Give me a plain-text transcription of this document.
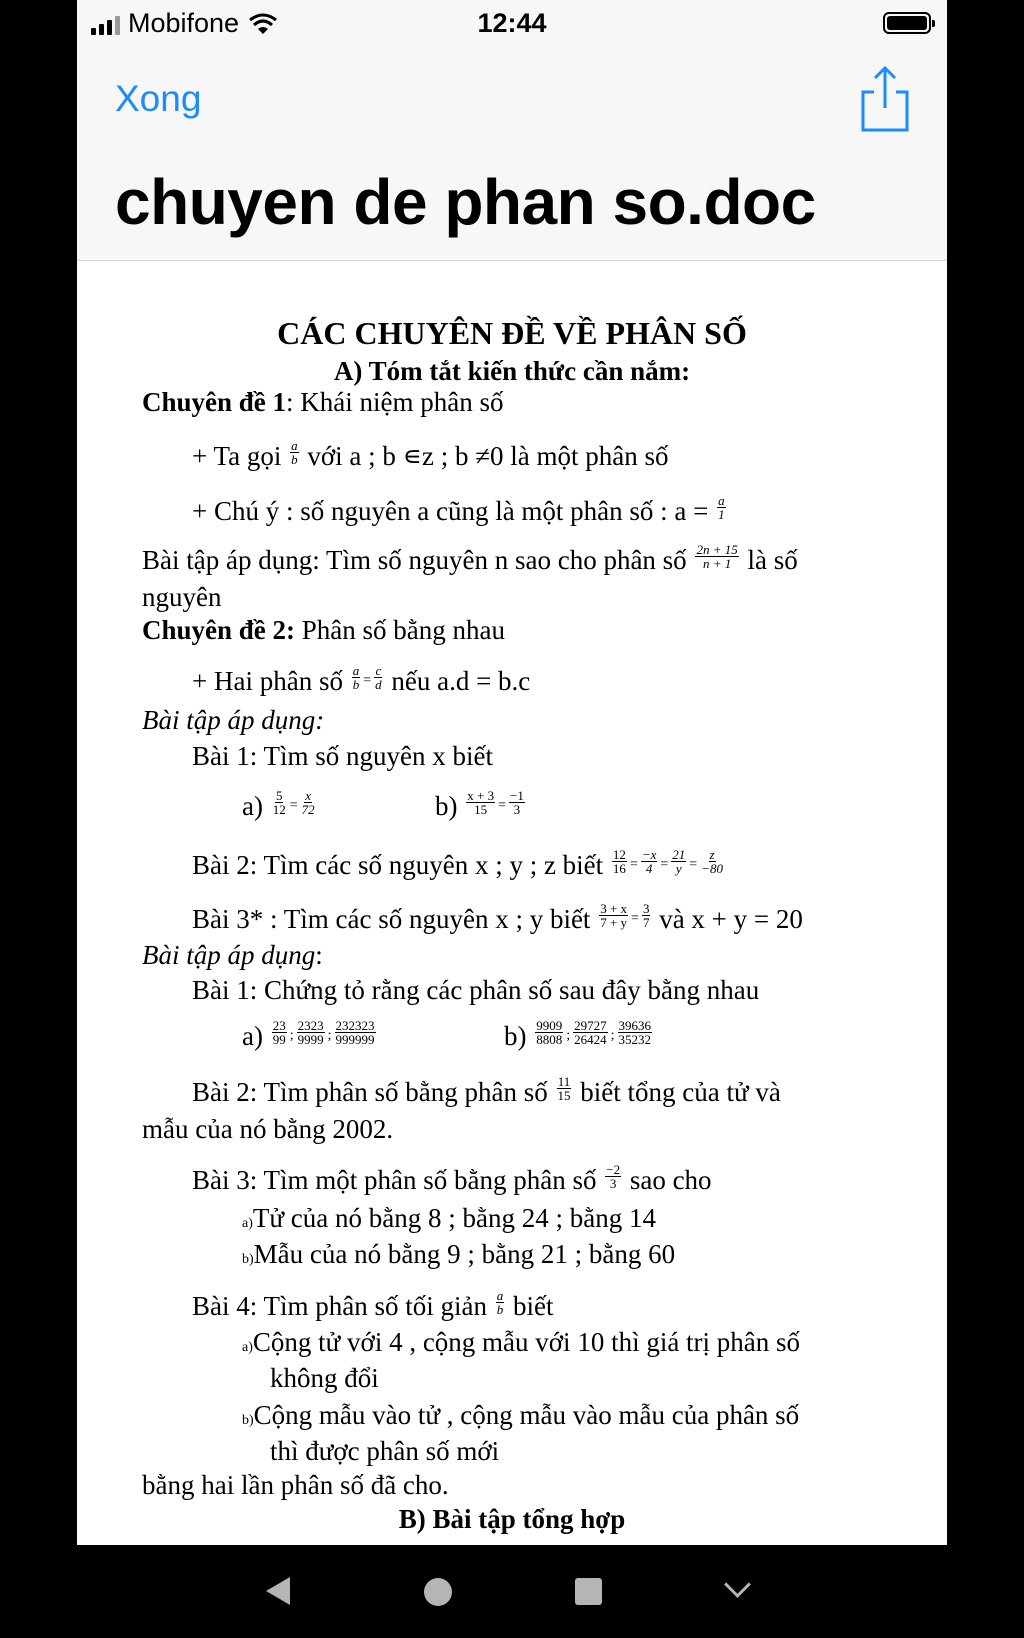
Mobifone	12:44
Xong
chuyen de phan so.doc
CÁC CHUYÊN ĐỀ VỀ PHÂN SỐ
A) Tóm tắt kiến thức cần nắm:
Chuyên đề 1: Khái niệm phân số
+ Ta gọi $\frac{a}{b}$ với a ; b ∊z ; b ≠0 là một phân số
+ Chú ý : số nguyên a cũng là một phân số : $a = \frac{a}{1}$
Bài tập áp dụng: Tìm số nguyên n sao cho phân số $\frac{2n + 15}{n + 1}$ là số
nguyên
Chuyên đề 2: Phân số bằng nhau
+ Hai phân số $\frac{a}{b} ^= \frac{c}{d}$ nếu a.d = b.c
Bài tập áp dụng:
Bài 1: Tìm số nguyên x biết
$a) \frac{5}{12} ^= \frac{x}{72}$	$b) \frac{x + 3}{15} ^= \frac{-1}{3}$
Bài 2: Tìm các số nguyên x ; y ; z biết $\frac{12}{16} ^= \frac{-x}{4} ^= \frac{21}{y} ^= \frac{z}{-80}$
Bài 3* : Tìm các số nguyên x ; y biết $\frac{3 + x}{7 + y} ^= \frac{3}{7}$ và x + y = 20
Bài tập áp dụng:
Bài 1: Chứng tỏ rằng các phân số sau đây bằng nhau
$a) \frac{23}{99} ^; \frac{2323}{9999} ^; \frac{232323}{999999}$	$b) \frac{9909}{8808} ^; \frac{29727}{26424} ^; \frac{39636}{35232}$
Bài 2: Tìm phân số bằng phân số $\frac{11}{15}$ biết tổng của tử và
mẫu của nó bằng 2002.
Bài 3: Tìm một phân số bằng phân số $\frac{-2}{3}$ sao cho
a)Tử của nó bằng 8 ; bằng 24 ; bằng 14
b)Mẫu của nó bằng 9 ; bằng 21 ; bằng 60
Bài 4: Tìm phân số tối giản $\frac{a}{b}$ biết
a)Cộng tử với 4 , cộng mẫu với 10 thì giá trị phân số
không đổi
b)Cộng mẫu vào tử , cộng mẫu vào mẫu của phân số
thì được phân số mới
bằng hai lần phân số đã cho.
B) Bài tập tổng hợp
